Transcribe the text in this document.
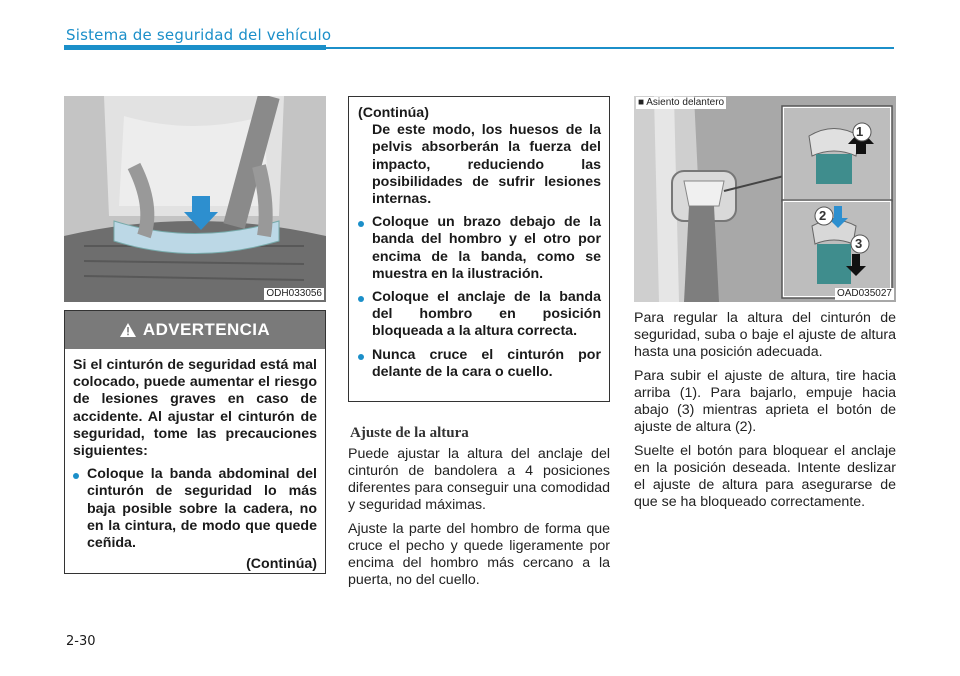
Sistema de seguridad del vehículo
ODH033056
ADVERTENCIA

Si el cinturón de seguridad está mal colocado, puede aumentar el riesgo de lesiones graves en caso de accidente. Al ajustar el cinturón de seguridad, tome las precauciones siguientes:

Coloque la banda abdominal del cinturón de seguridad lo más baja posible sobre la cadera, no en la cintura, de modo que quede ceñida.

(Continúa)

(Continúa)

De este modo, los huesos de la pelvis absorberán la fuerza del impacto, reduciendo las posibilidades de sufrir lesiones internas.

Coloque un brazo debajo de la banda del hombro y el otro por encima de la banda, como se muestra en la ilustración.
Coloque el anclaje de la banda del hombro en posición bloqueada a la altura correcta.
Nunca cruce el cinturón por delante de la cara o cuello.
Ajuste de la altura

Puede ajustar la altura del anclaje del cinturón de bandolera a 4 posiciones diferentes para conseguir una comodidad y seguridad máximas.

Ajuste la parte del hombro de forma que cruce el pecho y quede ligeramente por encima del hombro más cercano a la puerta, no del cuello.

■ Asiento delantero
1
2
3
OAD035027

Para regular la altura del cinturón de seguridad, suba o baje el ajuste de altura hasta una posición adecuada.

Para subir el ajuste de altura, tire hacia arriba (1). Para bajarlo, empuje hacia abajo (3) mientras aprieta el botón de ajuste de altura (2).

Suelte el botón para bloquear el anclaje en la posición deseada. Intente deslizar el ajuste de altura para asegurarse de que se ha bloqueado correctamente.

2-30
